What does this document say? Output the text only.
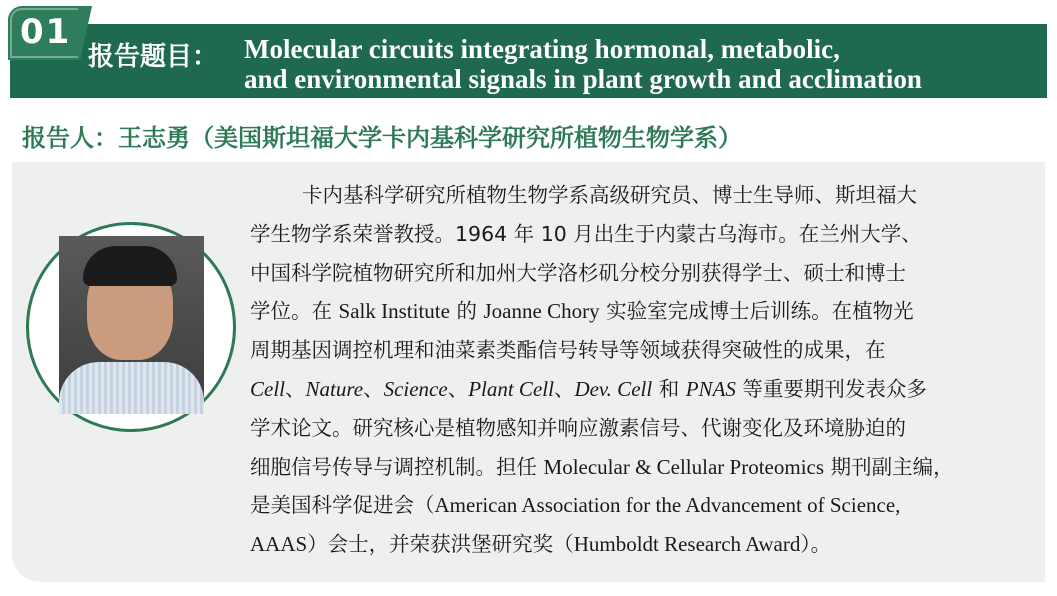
01
报告题目： Molecular circuits integrating hormonal, metabolic,
and environmental signals in plant growth and acclimation
报告人：王志勇（美国斯坦福大学卡内基科学研究所植物生物学系）
卡内基科学研究所植物生物学系高级研究员、博士生导师、斯坦福大
学生物学系荣誉教授。1964 年 10 月出生于内蒙古乌海市。在兰州大学、
中国科学院植物研究所和加州大学洛杉矶分校分别获得学士、硕士和博士
学位。在 Salk Institute 的 Joanne Chory 实验室完成博士后训练。在植物光
周期基因调控机理和油菜素类酯信号转导等领域获得突破性的成果，在
Cell、Nature、Science、Plant Cell、Dev. Cell 和 PNAS 等重要期刊发表众多
学术论文。研究核心是植物感知并响应激素信号、代谢变化及环境胁迫的
细胞信号传导与调控机制。担任 Molecular & Cellular Proteomics 期刊副主编，
是美国科学促进会（American Association for the Advancement of Science,
AAAS）会士，并荣获洪堡研究奖（Humboldt Research Award）。
